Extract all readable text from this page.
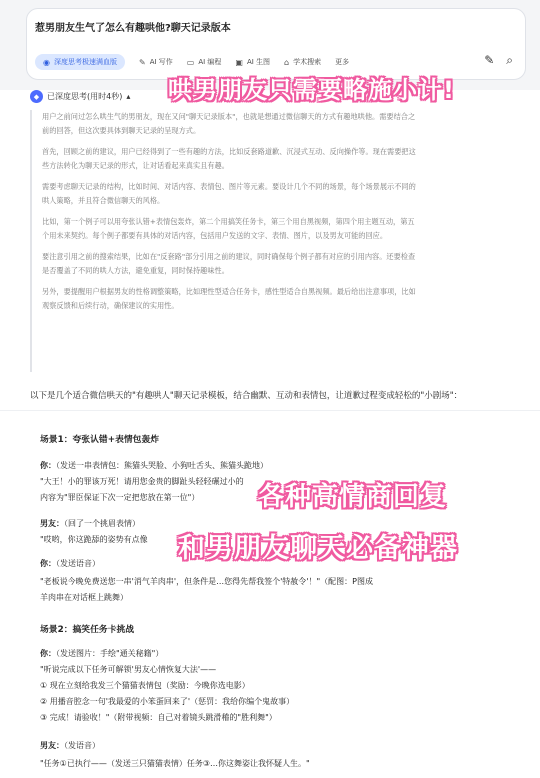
惹男朋友生气了怎么有趣哄他?聊天记录版本
◉ 深度思考极速满血版	✎ AI 写作 ▭ AI 编程 ▣ AI 生图 ⌂ 学术搜索 更多	✎ ⌕
哄男朋友只需要略施小计!
◆ 已深度思考(用时4秒) ▴

用户之前问过怎么哄生气的男朋友，现在又问"聊天记录版本"，也就是想通过微信聊天的方式有趣地哄他。需要结合之前的回答，但这次要具体到聊天记录的呈现方式。

首先，回顾之前的建议，用户已经得到了一些有趣的方法，比如反套路道歉、沉浸式互动、反向操作等。现在需要把这些方法转化为聊天记录的形式，让对话看起来真实且有趣。

需要考虑聊天记录的结构，比如时间、对话内容、表情包、图片等元素。要设计几个不同的场景，每个场景展示不同的哄人策略，并且符合微信聊天的风格。

比如，第一个例子可以用夸张认错+表情包轰炸，第二个用搞笑任务卡，第三个用自黑视频，第四个用主题互动，第五个用未来契约。每个例子都要有具体的对话内容，包括用户发送的文字、表情、图片，以及男友可能的回应。

要注意引用之前的搜索结果，比如在"反套路"部分引用之前的建议，同时确保每个例子都有对应的引用内容。还要检查是否覆盖了不同的哄人方法，避免重复，同时保持趣味性。

另外，要提醒用户根据男友的性格调整策略，比如理性型适合任务卡，感性型适合自黑视频。最后给出注意事项，比如观察反馈和后续行动，确保建议的实用性。

以下是几个适合微信哄天的"有趣哄人"聊天记录模板，结合幽默、互动和表情包，让道歉过程变成轻松的"小剧场"：
场景1：夸张认错+表情包轰炸
你：（发送一串表情包：熊猫头哭脸、小狗吐舌头、熊猫头跪地）
"大王！小的罪该万死！请用您金贵的脚趾头轻轻碾过小的
内容为"罪臣保证下次一定把您放在第一位"）
男友：（回了一个挑眉表情）
"哎哟，你这跪舔的姿势有点像
你：（发送语音）
"老板说今晚免费送您一串'消气羊肉串'，但条件是…您得先帮我签个'特赦令'！"（配图：P图成
羊肉串在对话框上跳舞）
场景2：搞笑任务卡挑战
你：（发送图片：手绘"通关秘籍"）
"听说完成以下任务可解锁'男友心情恢复大法'——
① 现在立刻给我发三个猫猫表情包（奖励：今晚你选电影）
② 用播音腔念一句'我最爱的小笨蛋回来了'（惩罚：我给你编个鬼故事）
③ 完成！请验收！"（附带视频：自己对着镜头跳滑稽的"胜利舞"）
男友：（发语音）
"任务①已执行——（发送三只猫猫表情）任务③…你这舞姿让我怀疑人生。"
各种高情商回复
和男朋友聊天必备神器
